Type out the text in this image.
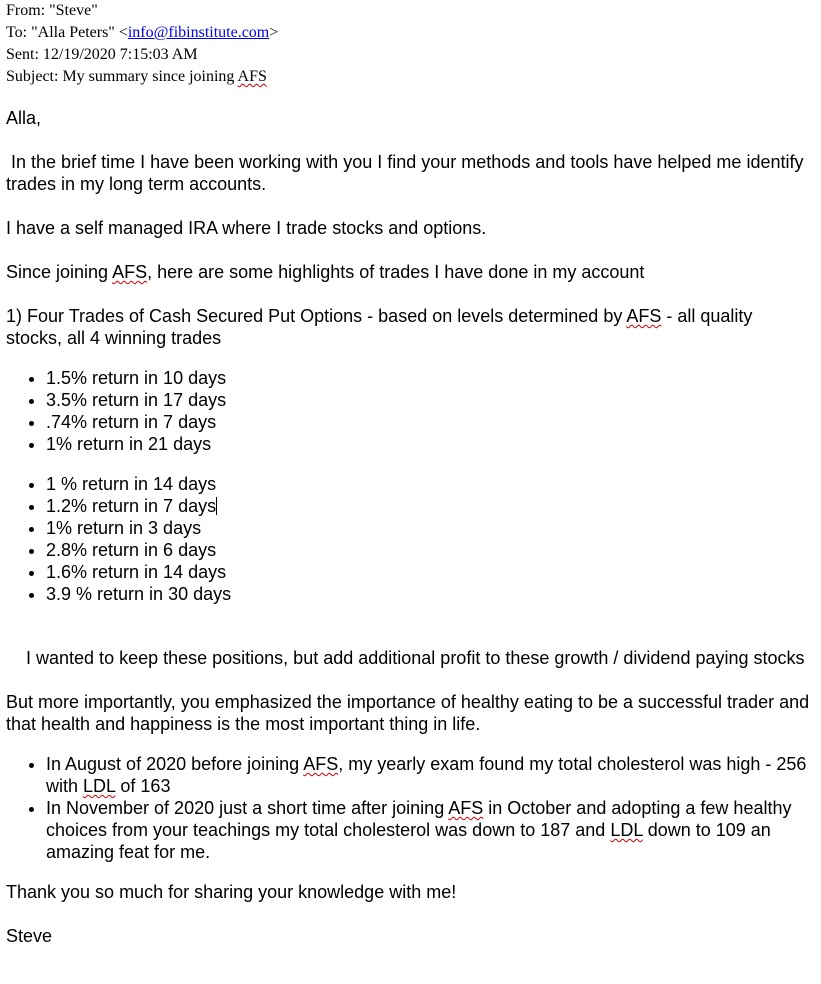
From: "Steve"
To: "Alla Peters" <info@fibinstitute.com>
Sent: 12/19/2020 7:15:03 AM
Subject: My summary since joining AFS

Alla,

In the brief time I have been working with you I find your methods and tools have helped me identify trades in my long term accounts.

I have a self managed IRA where I trade stocks and options.

Since joining AFS, here are some highlights of trades I have done in my account

1) Four Trades of Cash Secured Put Options - based on levels determined by AFS - all quality stocks, all 4 winning trades

• 1.5% return in 10 days
• 3.5% return in 17 days
• .74% return in 7 days
• 1% return in 21 days
• 1 % return in 14 days
• 1.2% return in 7 days
• 1% return in 3 days
• 2.8% return in 6 days
• 1.6% return in 14 days
• 3.9 % return in 30 days

I wanted to keep these positions, but add additional profit to these growth / dividend paying stocks

But more importantly, you emphasized the importance of healthy eating to be a successful trader and that health and happiness is the most important thing in life.

• In August of 2020 before joining AFS, my yearly exam found my total cholesterol was high - 256 with LDL of 163
• In November of 2020 just a short time after joining AFS in October and adopting a few healthy choices from your teachings my total cholesterol was down to 187 and LDL down to 109 an amazing feat for me.

Thank you so much for sharing your knowledge with me!

Steve
